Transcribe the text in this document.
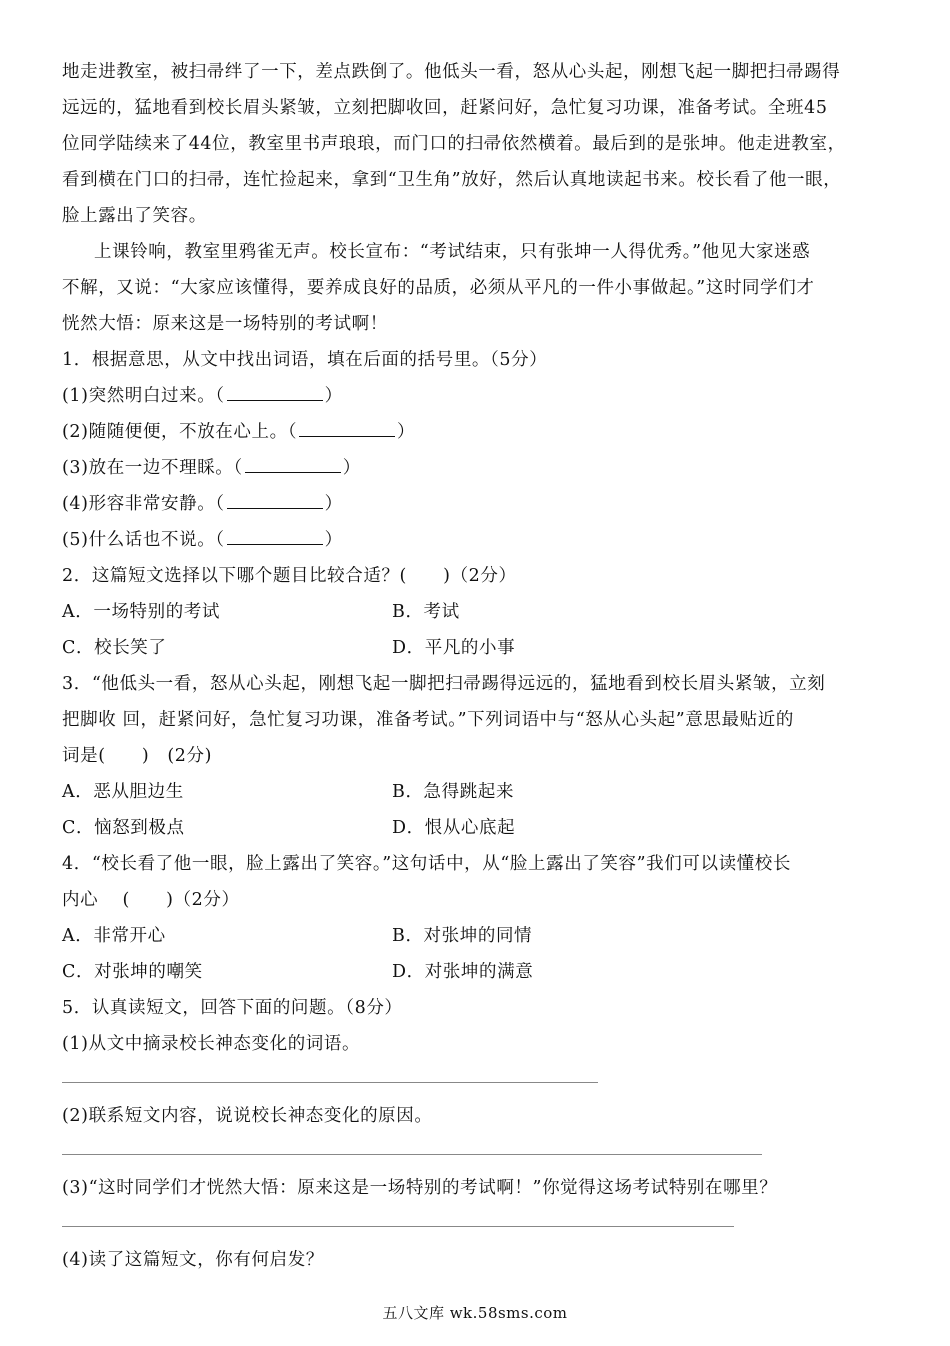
地走进教室，被扫帚绊了一下，差点跌倒了。他低头一看，怒从心头起，刚想飞起一脚把扫帚踢得
远远的，猛地看到校长眉头紧皱，立刻把脚收回，赶紧问好，急忙复习功课，准备考试。全班45
位同学陆续来了44位，教室里书声琅琅，而门口的扫帚依然横着。最后到的是张坤。他走进教室，
看到横在门口的扫帚，连忙捡起来，拿到“卫生角”放好，然后认真地读起书来。校长看了他一眼，
脸上露出了笑容。
上课铃响，教室里鸦雀无声。校长宣布：“考试结束，只有张坤一人得优秀。”他见大家迷惑
不解，又说：“大家应该懂得，要养成良好的品质，必须从平凡的一件小事做起。”这时同学们才
恍然大悟：原来这是一场特别的考试啊！
1．根据意思，从文中找出词语，填在后面的括号里。（5分）
(1)突然明白过来。（	）
(2)随随便便，不放在心上。（	）
(3)放在一边不理睬。（	）
(4)形容非常安静。（	）
(5)什么话也不说。（	）
2．这篇短文选择以下哪个题目比较合适？(　　)（2分）
A．一场特别的考试	B．考试
C．校长笑了	D．平凡的小事
3．“他低头一看，怒从心头起，刚想飞起一脚把扫帚踢得远远的，猛地看到校长眉头紧皱，立刻
把脚收 回，赶紧问好，急忙复习功课，准备考试。”下列词语中与“怒从心头起”意思最贴近的
词是(　　)　(2分)
A．恶从胆边生	B．急得跳起来
C．恼怒到极点	D．恨从心底起
4．“校长看了他一眼，脸上露出了笑容。”这句话中，从“脸上露出了笑容”我们可以读懂校长
内心　 (　　)（2分）
A．非常开心	B．对张坤的同情
C．对张坤的嘲笑	D．对张坤的满意
5．认真读短文，回答下面的问题。（8分）
(1)从文中摘录校长神态变化的词语。
(2)联系短文内容，说说校长神态变化的原因。
(3)“这时同学们才恍然大悟：原来这是一场特别的考试啊！”你觉得这场考试特别在哪里？
(4)读了这篇短文，你有何启发？
五八文库 wk.58sms.com
